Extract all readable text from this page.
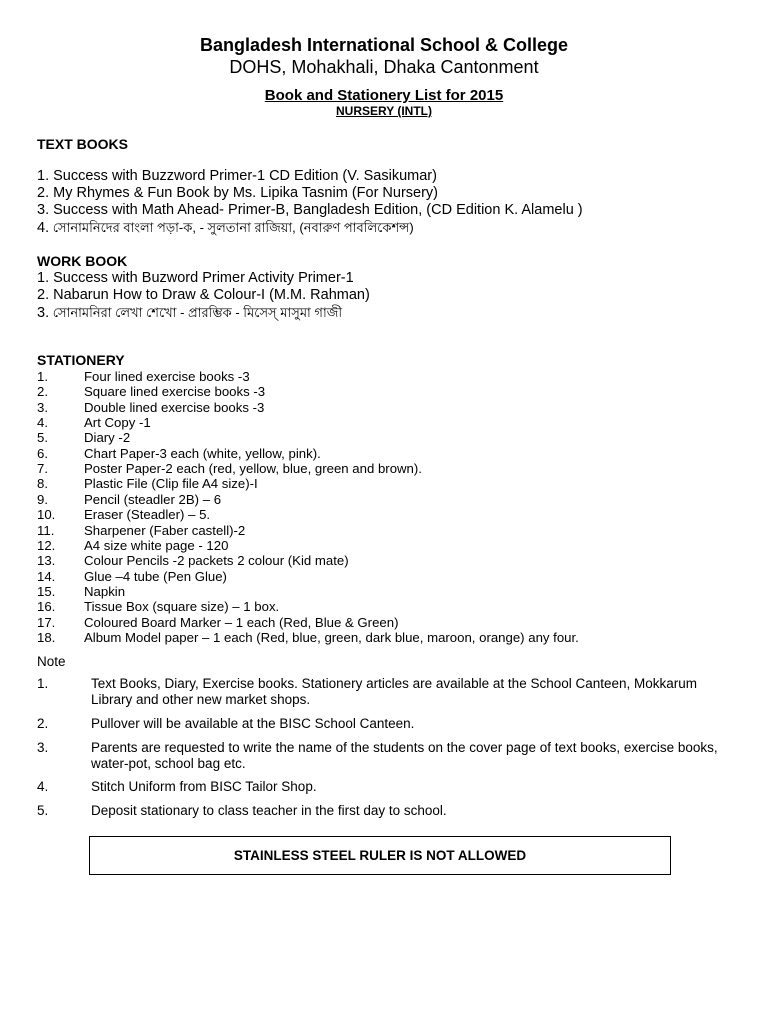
Bangladesh International School & College
DOHS, Mohakhali, Dhaka Cantonment
Book and Stationery List for 2015
NURSERY (INTL)
TEXT BOOKS
1. Success with Buzzword Primer-1 CD Edition (V. Sasikumar)
2. My Rhymes & Fun Book by Ms. Lipika Tasnim (For Nursery)
3. Success with Math Ahead- Primer-B, Bangladesh Edition, (CD Edition K. Alamelu )
4. সোনামনিদের বাংলা পড়া-ক, - সুলতানা রাজিয়া, (নবারুণ পাবলিকেশন্স)
WORK BOOK
1. Success with Buzword Primer Activity Primer-1
2. Nabarun How to Draw & Colour-I (M.M. Rahman)
3. সোনামনিরা লেখা শেখো - প্রারম্ভিক - মিসেস্ মাসুমা গাজী
STATIONERY
1.	Four lined exercise books -3
2.	Square lined exercise books -3
3.	Double lined exercise books -3
4.	Art Copy -1
5.	Diary -2
6.	Chart Paper-3 each (white, yellow, pink).
7.	Poster Paper-2 each (red, yellow, blue, green and brown).
8.	Plastic File (Clip file A4 size)-I
9.	Pencil (steadler 2B) – 6
10. Eraser (Steadler) – 5.
11. Sharpener (Faber castell)-2
12. A4 size white page - 120
13. Colour Pencils -2 packets 2 colour (Kid mate)
14. Glue –4 tube (Pen Glue)
15. Napkin
16. Tissue Box (square size) – 1 box.
17. Coloured Board Marker – 1 each (Red, Blue & Green)
18. Album Model paper – 1 each (Red, blue, green, dark blue, maroon, orange) any four.
Note
1.	Text Books, Diary, Exercise books. Stationery articles are available at the School Canteen, Mokkarum Library and other new market shops.
2.	Pullover will be available at the BISC School Canteen.
3.	Parents are requested to write the name of the students on the cover page of text books, exercise books, water-pot, school bag etc.
4.	Stitch Uniform from BISC Tailor Shop.
5.	Deposit stationary to class teacher in the first day to school.
STAINLESS STEEL RULER IS NOT ALLOWED
